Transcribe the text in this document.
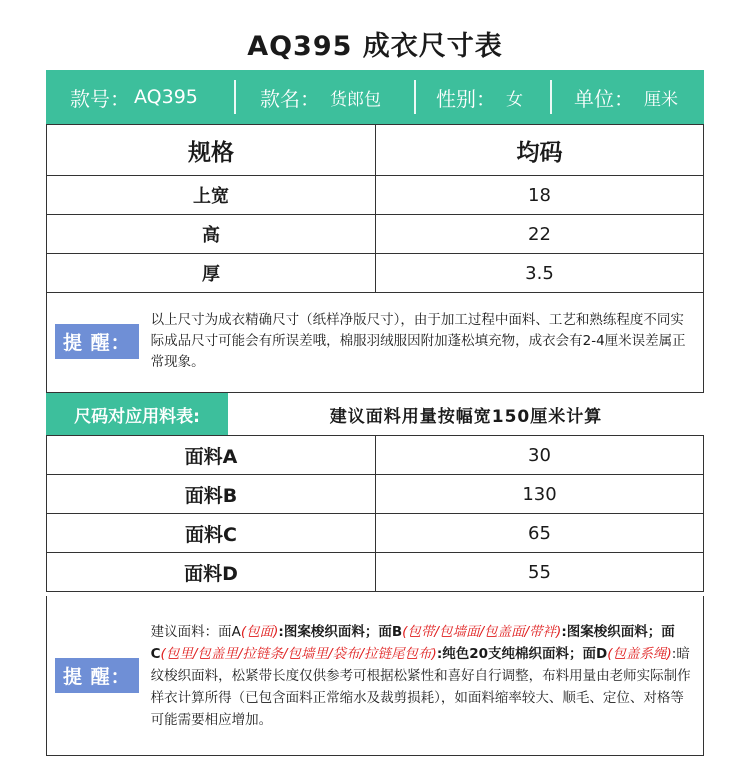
AQ395 成衣尺寸表
款号： AQ395	款名： 货郎包	性别： 女	单位： 厘米
规格	均码
上宽	18
高	22
厚	3.5
提 醒：
以上尺寸为成衣精确尺寸（纸样净版尺寸），由于加工过程中面料、工艺和熟练程度不同实际成品尺寸可能会有所误差哦，棉服羽绒服因附加蓬松填充物，成衣会有2-4厘米误差属正常现象。
尺码对应用料表:	建议面料用量按幅宽150厘米计算
面料A	30
面料B	130
面料C	65
面料D	55
提 醒：
建议面料：面A(包面):图案梭织面料；面B(包带/包墙面/包盖面/带袢):图案梭织面料；面C(包里/包盖里/拉链条/包墙里/袋布/拉链尾包布):纯色20支纯棉织面料；面D(包盖系绳):暗纹梭织面料，松紧带长度仅供参考可根据松紧性和喜好自行调整，布料用量由老师实际制作样衣计算所得（已包含面料正常缩水及裁剪损耗），如面料缩率较大、顺毛、定位、对格等可能需要相应增加。
